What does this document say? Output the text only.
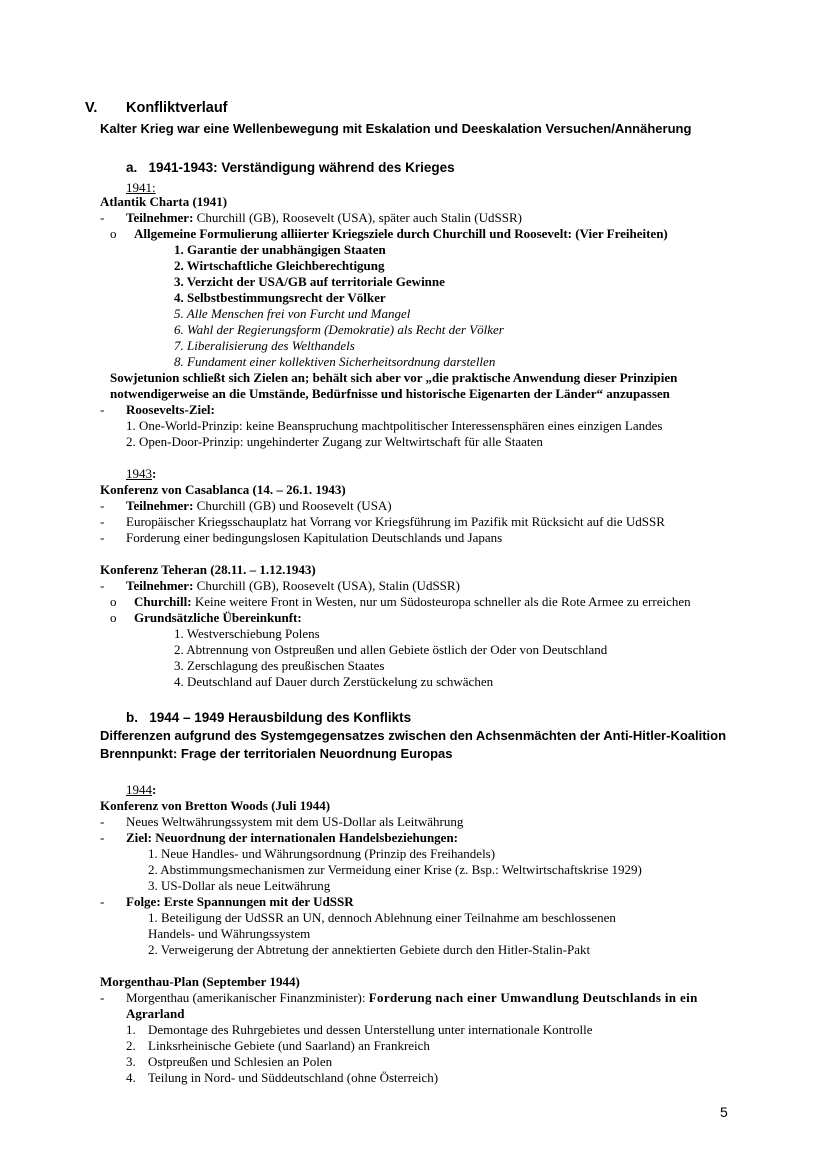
V. Konfliktverlauf
Kalter Krieg war eine Wellenbewegung mit Eskalation und Deeskalation Versuchen/Annäherung
a.   1941-1943: Verständigung während des Krieges
1941:
Atlantik Charta (1941)
- Teilnehmer: Churchill (GB), Roosevelt (USA), später auch Stalin (UdSSR)
o Allgemeine Formulierung alliierter Kriegsziele durch Churchill und Roosevelt: (Vier Freiheiten)
1. Garantie der unabhängigen Staaten
2. Wirtschaftliche Gleichberechtigung
3. Verzicht der USA/GB auf territoriale Gewinne
4. Selbstbestimmungsrecht der Völker
5. Alle Menschen frei von Furcht und Mangel
6. Wahl der Regierungsform (Demokratie) als Recht der Völker
7. Liberalisierung des Welthandels
8. Fundament einer kollektiven Sicherheitsordnung darstellen
Sowjetunion schließt sich Zielen an; behält sich aber vor „die praktische Anwendung dieser Prinzipien
notwendigerweise an die Umstände, Bedürfnisse und historische Eigenarten der Länder“ anzupassen
- Roosevelts-Ziel:
1. One-World-Prinzip: keine Beanspruchung machtpolitischer Interessensphären eines einzigen Landes
2. Open-Door-Prinzip: ungehinderter Zugang zur Weltwirtschaft für alle Staaten
1943:
Konferenz von Casablanca (14. – 26.1. 1943)
- Teilnehmer: Churchill (GB) und Roosevelt (USA)
- Europäischer Kriegsschauplatz hat Vorrang vor Kriegsführung im Pazifik mit Rücksicht auf die UdSSR
- Forderung einer bedingungslosen Kapitulation Deutschlands und Japans
Konferenz Teheran (28.11. – 1.12.1943)
- Teilnehmer: Churchill (GB), Roosevelt (USA), Stalin (UdSSR)
o Churchill: Keine weitere Front in Westen, nur um Südosteuropa schneller als die Rote Armee zu erreichen
o Grundsätzliche Übereinkunft:
1. Westverschiebung Polens
2. Abtrennung von Ostpreußen und allen Gebiete östlich der Oder von Deutschland
3. Zerschlagung des preußischen Staates
4. Deutschland auf Dauer durch Zerstückelung zu schwächen
b.   1944 – 1949 Herausbildung des Konflikts
Differenzen aufgrund des Systemgegensatzes zwischen den Achsenmächten der Anti-Hitler-Koalition
Brennpunkt: Frage der territorialen Neuordnung Europas
1944:
Konferenz von Bretton Woods (Juli 1944)
- Neues Weltwährungssystem mit dem US-Dollar als Leitwährung
- Ziel: Neuordnung der internationalen Handelsbeziehungen:
1. Neue Handles- und Währungsordnung (Prinzip des Freihandels)
2. Abstimmungsmechanismen zur Vermeidung einer Krise (z. Bsp.: Weltwirtschaftskrise 1929)
3. US-Dollar als neue Leitwährung
- Folge: Erste Spannungen mit der UdSSR
1. Beteiligung der UdSSR an UN, dennoch Ablehnung einer Teilnahme am beschlossenen
Handels- und Währungssystem
2. Verweigerung der Abtretung der annektierten Gebiete durch den Hitler-Stalin-Pakt
Morgenthau-Plan (September 1944)
- Morgenthau (amerikanischer Finanzminister): Forderung nach einer Umwandlung Deutschlands in ein
Agrarland
1. Demontage des Ruhrgebietes und dessen Unterstellung unter internationale Kontrolle
2. Linksrheinische Gebiete (und Saarland) an Frankreich
3. Ostpreußen und Schlesien an Polen
4. Teilung in Nord- und Süddeutschland (ohne Österreich)
5
